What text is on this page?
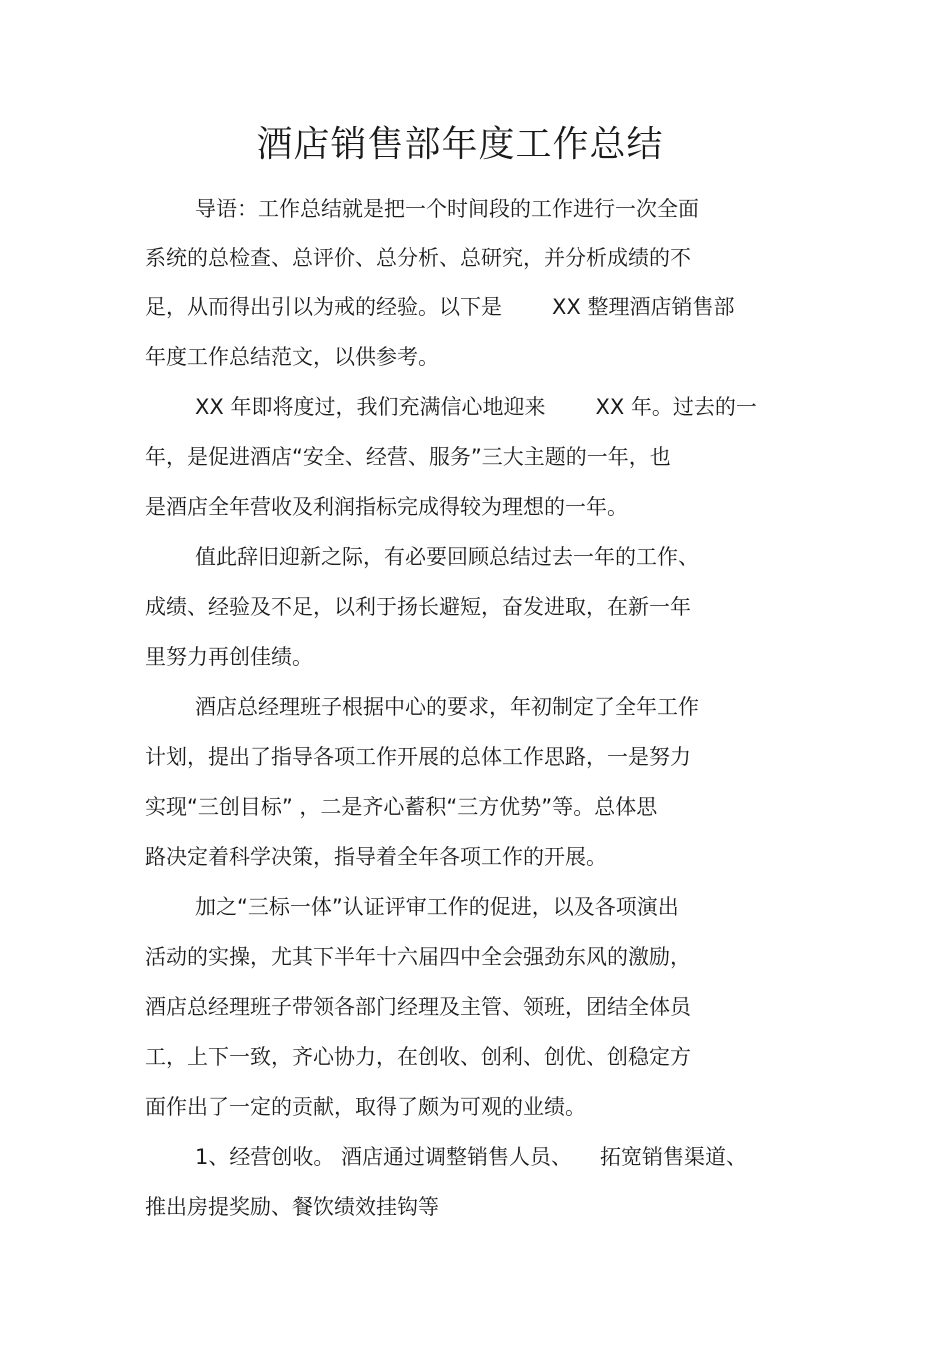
酒店销售部年度工作总结

导语：工作总结就是把一个时间段的工作进行一次全面

系统的总检查、总评价、总分析、总研究，并分析成绩的不

足，从而得出引以为戒的经验。以下是 XX 整理酒店销售部

年度工作总结范文，以供参考。

XX 年即将度过，我们充满信心地迎来 XX 年。过去的一

年，是促进酒店“安全、经营、服务”三大主题的一年，也

是酒店全年营收及利润指标完成得较为理想的一年。

值此辞旧迎新之际，有必要回顾总结过去一年的工作、

成绩、经验及不足，以利于扬长避短，奋发进取，在新一年

里努力再创佳绩。

酒店总经理班子根据中心的要求，年初制定了全年工作

计划，提出了指导各项工作开展的总体工作思路，一是努力

实现“三创目标” ，二是齐心蓄积“三方优势”等。总体思

路决定着科学决策，指导着全年各项工作的开展。

加之“三标一体”认证评审工作的促进，以及各项演出

活动的实操，尤其下半年十六届四中全会强劲东风的激励，

酒店总经理班子带领各部门经理及主管、领班，团结全体员

工，上下一致，齐心协力，在创收、创利、创优、创稳定方

面作出了一定的贡献，取得了颇为可观的业绩。

1、经营创收。 酒店通过调整销售人员、 拓宽销售渠道、

推出房提奖励、餐饮绩效挂钩等
